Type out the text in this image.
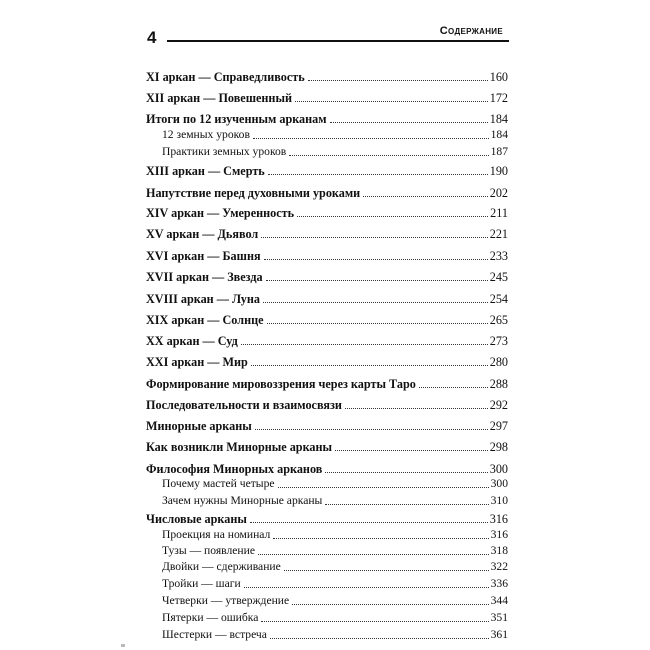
4	Содержание
XI аркан — Справедливость	160
XII аркан — Повешенный	172
Итоги по 12 изученным арканам	184
12 земных уроков	184
Практики земных уроков	187
XIII аркан — Смерть	190
Напутствие перед духовными уроками	202
XIV аркан — Умеренность	211
XV аркан — Дьявол	221
XVI аркан — Башня	233
XVII аркан — Звезда	245
XVIII аркан — Луна	254
XIX аркан — Солнце	265
XX аркан — Суд	273
XXI аркан — Мир	280
Формирование мировоззрения через карты Таро	288
Последовательности и взаимосвязи	292
Минорные арканы	297
Как возникли Минорные арканы	298
Философия Минорных арканов	300
Почему мастей четыре	300
Зачем нужны Минорные арканы	310
Числовые арканы	316
Проекция на номинал	316
Тузы — появление	318
Двойки — сдерживание	322
Тройки — шаги	336
Четверки — утверждение	344
Пятерки — ошибка	351
Шестерки — встреча	361
